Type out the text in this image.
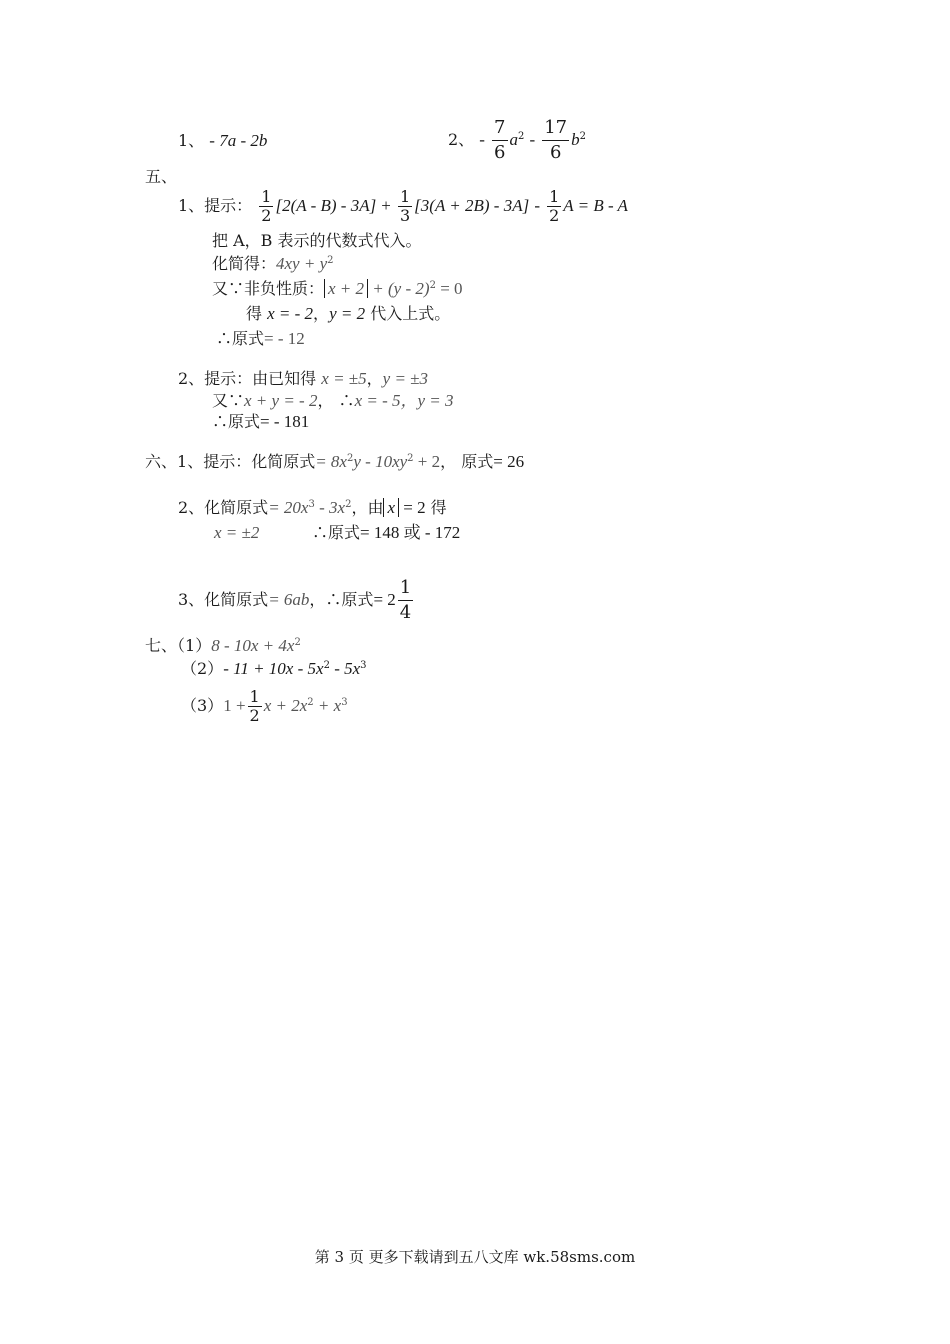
1、 - 7a - 2b	2、 - $\frac{7}{6} a^2 - \frac{17}{6} b^2$
五、
1、提示： $\frac{1}{2} [2(A - B) - 3A] + \frac{1}{3} [3(A + 2B) - 3A] - \frac{1}{2}$ A = B - A
把 A，B 表示的代数式代入。
化简得：$4xy + y^2$
又∵非负性质： x + 2 + (y - 2)$^2$ = 0
得 x = - 2，y = 2 代入上式。
∴原式= - 12
2、提示：由已知得 x = ±5，y = ±3
又∵x + y = - 2， ∴x = - 5，y = 3
∴原式= - 181
六、1、提示：化简原式= $8x^2y - 10xy^2 + 2$， 原式= 26
2、化简原式= $20x^3 - 3x^2$，由 x = 2 得
x = ±2	∴原式= 148 或 - 172
3、化简原式= 6ab，∴原式= $2 \frac{1}{4}$
七、$(1)8 - 10x + 4x^2$
（2）- $11 + 10x - 5x^2 - 5x^3$
$(3)1 + \frac{1}{2}$ $x + 2x^2 + x^3$
第 3 页 更多下载请到五八文库 wk.58sms.com
